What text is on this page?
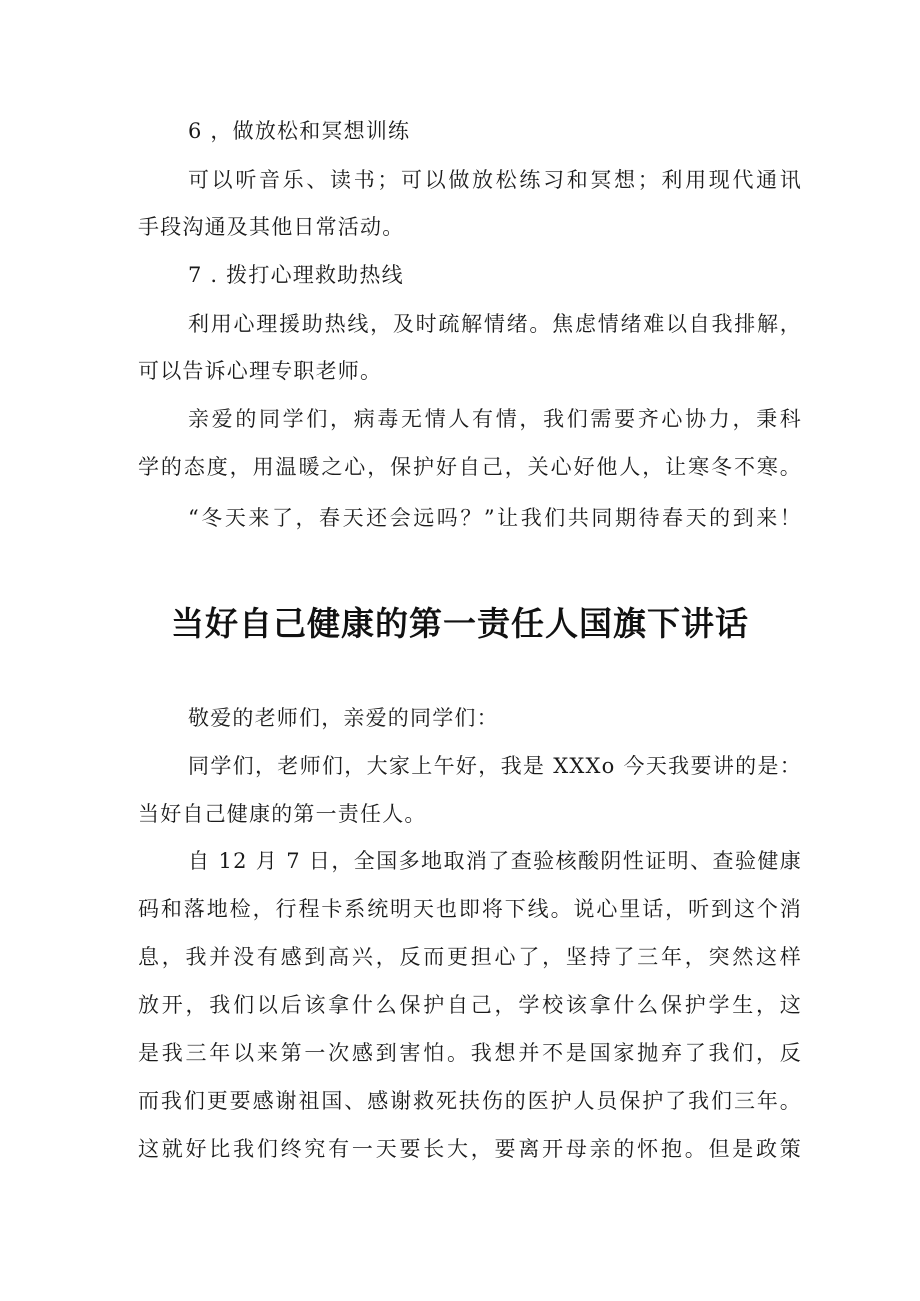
6 ，做放松和冥想训练
可以听音乐、读书；可以做放松练习和冥想；利用现代通讯
手段沟通及其他日常活动。
7 . 拨打心理救助热线
利用心理援助热线，及时疏解情绪。焦虑情绪难以自我排解，
可以告诉心理专职老师。
亲爱的同学们，病毒无情人有情，我们需要齐心协力，秉科
学的态度，用温暖之心，保护好自己，关心好他人，让寒冬不寒。
“冬天来了，春天还会远吗？”让我们共同期待春天的到来！
当好自己健康的第一责任人国旗下讲话
敬爱的老师们，亲爱的同学们：
同学们，老师们，大家上午好，我是 XXXo 今天我要讲的是：
当好自己健康的第一责任人。
自 12 月 7 日，全国多地取消了查验核酸阴性证明、查验健康
码和落地检，行程卡系统明天也即将下线。说心里话，听到这个消
息，我并没有感到高兴，反而更担心了，坚持了三年，突然这样
放开，我们以后该拿什么保护自己，学校该拿什么保护学生，这
是我三年以来第一次感到害怕。我想并不是国家抛弃了我们，反
而我们更要感谢祖国、感谢救死扶伤的医护人员保护了我们三年。
这就好比我们终究有一天要长大，要离开母亲的怀抱。但是政策
